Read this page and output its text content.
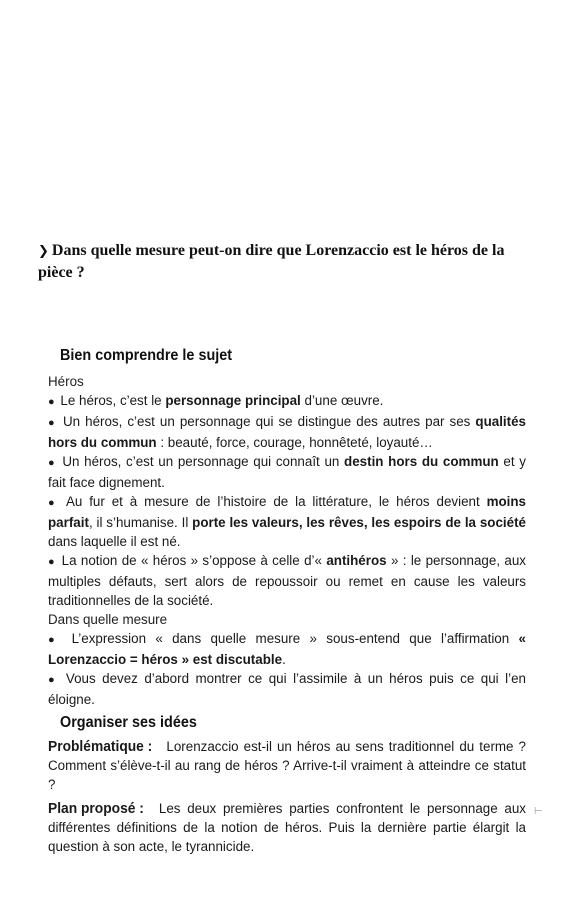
❯ Dans quelle mesure peut-on dire que Lorenzaccio est le héros de la pièce ?
Bien comprendre le sujet
Héros

● Le héros, c’est le personnage principal d’une œuvre.

● Un héros, c’est un personnage qui se distingue des autres par ses qualités hors du commun : beauté, force, courage, honnêteté, loyauté…

● Un héros, c’est un personnage qui connaît un destin hors du commun et y fait face dignement.

● Au fur et à mesure de l’histoire de la littérature, le héros devient moins parfait, il s’humanise. Il porte les valeurs, les rêves, les espoirs de la société dans laquelle il est né.

● La notion de « héros » s’oppose à celle d’« antihéros » : le personnage, aux multiples défauts, sert alors de repoussoir ou remet en cause les valeurs traditionnelles de la société.

Dans quelle mesure

● L’expression « dans quelle mesure » sous-entend que l’affirmation « Lorenzaccio = héros » est discutable.

● Vous devez d’abord montrer ce qui l’assimile à un héros puis ce qui l’en éloigne.

Organiser ses idées

Problématique : Lorenzaccio est-il un héros au sens traditionnel du terme ? Comment s’élève-t-il au rang de héros ? Arrive-t-il vraiment à atteindre ce statut ?

Plan proposé : Les deux premières parties confrontent le personnage aux différentes définitions de la notion de héros. Puis la dernière partie élargit la question à son acte, le tyrannicide.

⊢
